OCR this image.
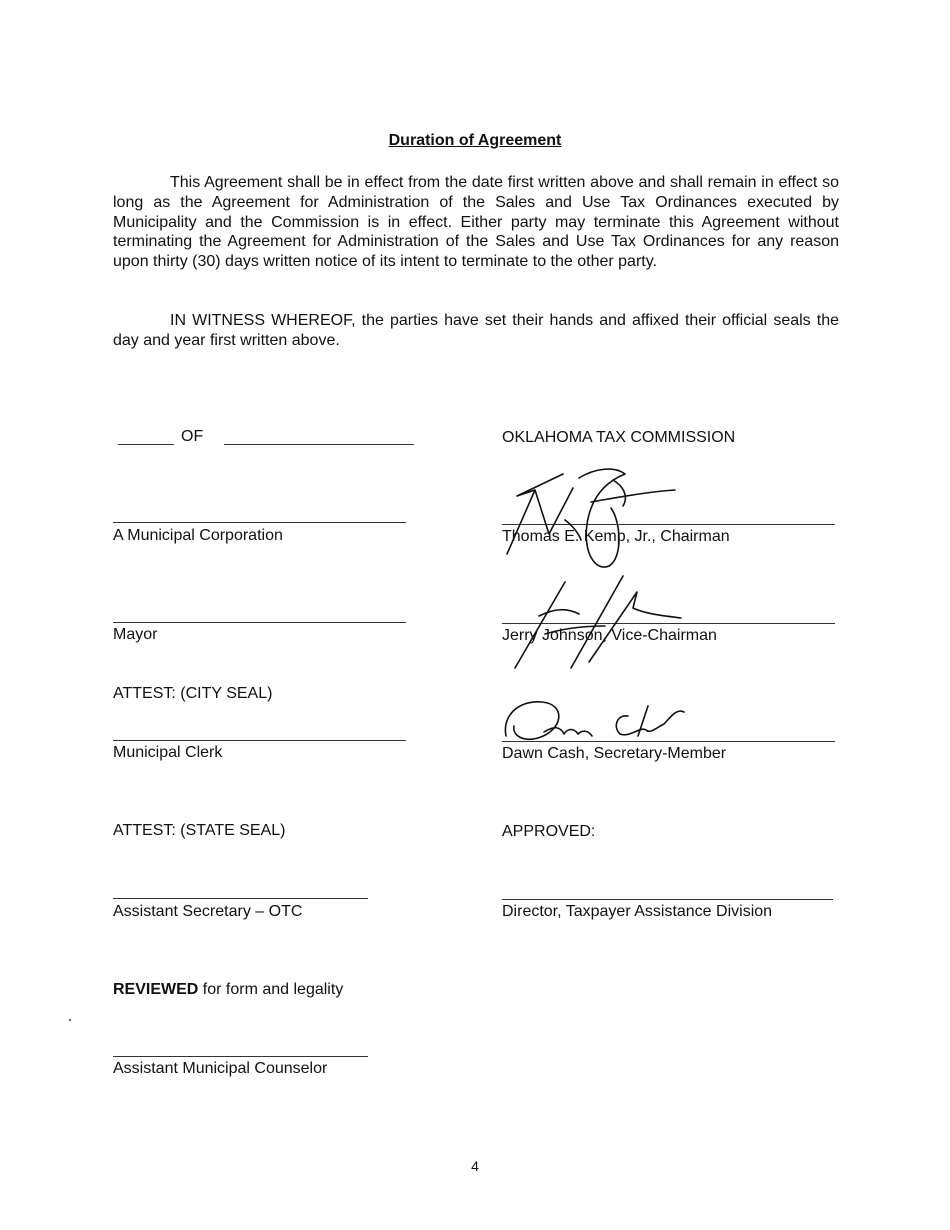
Duration of Agreement
This Agreement shall be in effect from the date first written above and shall remain in effect so long as the Agreement for Administration of the Sales and Use Tax Ordinances executed by Municipality and the Commission is in effect. Either party may terminate this Agreement without terminating the Agreement for Administration of the Sales and Use Tax Ordinances for any reason upon thirty (30) days written notice of its intent to terminate to the other party.
IN WITNESS WHEREOF, the parties have set their hands and affixed their official seals the day and year first written above.
OF
A Municipal Corporation
Mayor
ATTEST: (CITY SEAL)
Municipal Clerk
ATTEST: (STATE SEAL)
Assistant Secretary – OTC
REVIEWED for form and legality
Assistant Municipal Counselor
OKLAHOMA TAX COMMISSION
Thomas E. Kemp, Jr., Chairman
Jerry Johnson, Vice-Chairman
Dawn Cash, Secretary-Member
APPROVED:
Director, Taxpayer Assistance Division
4
